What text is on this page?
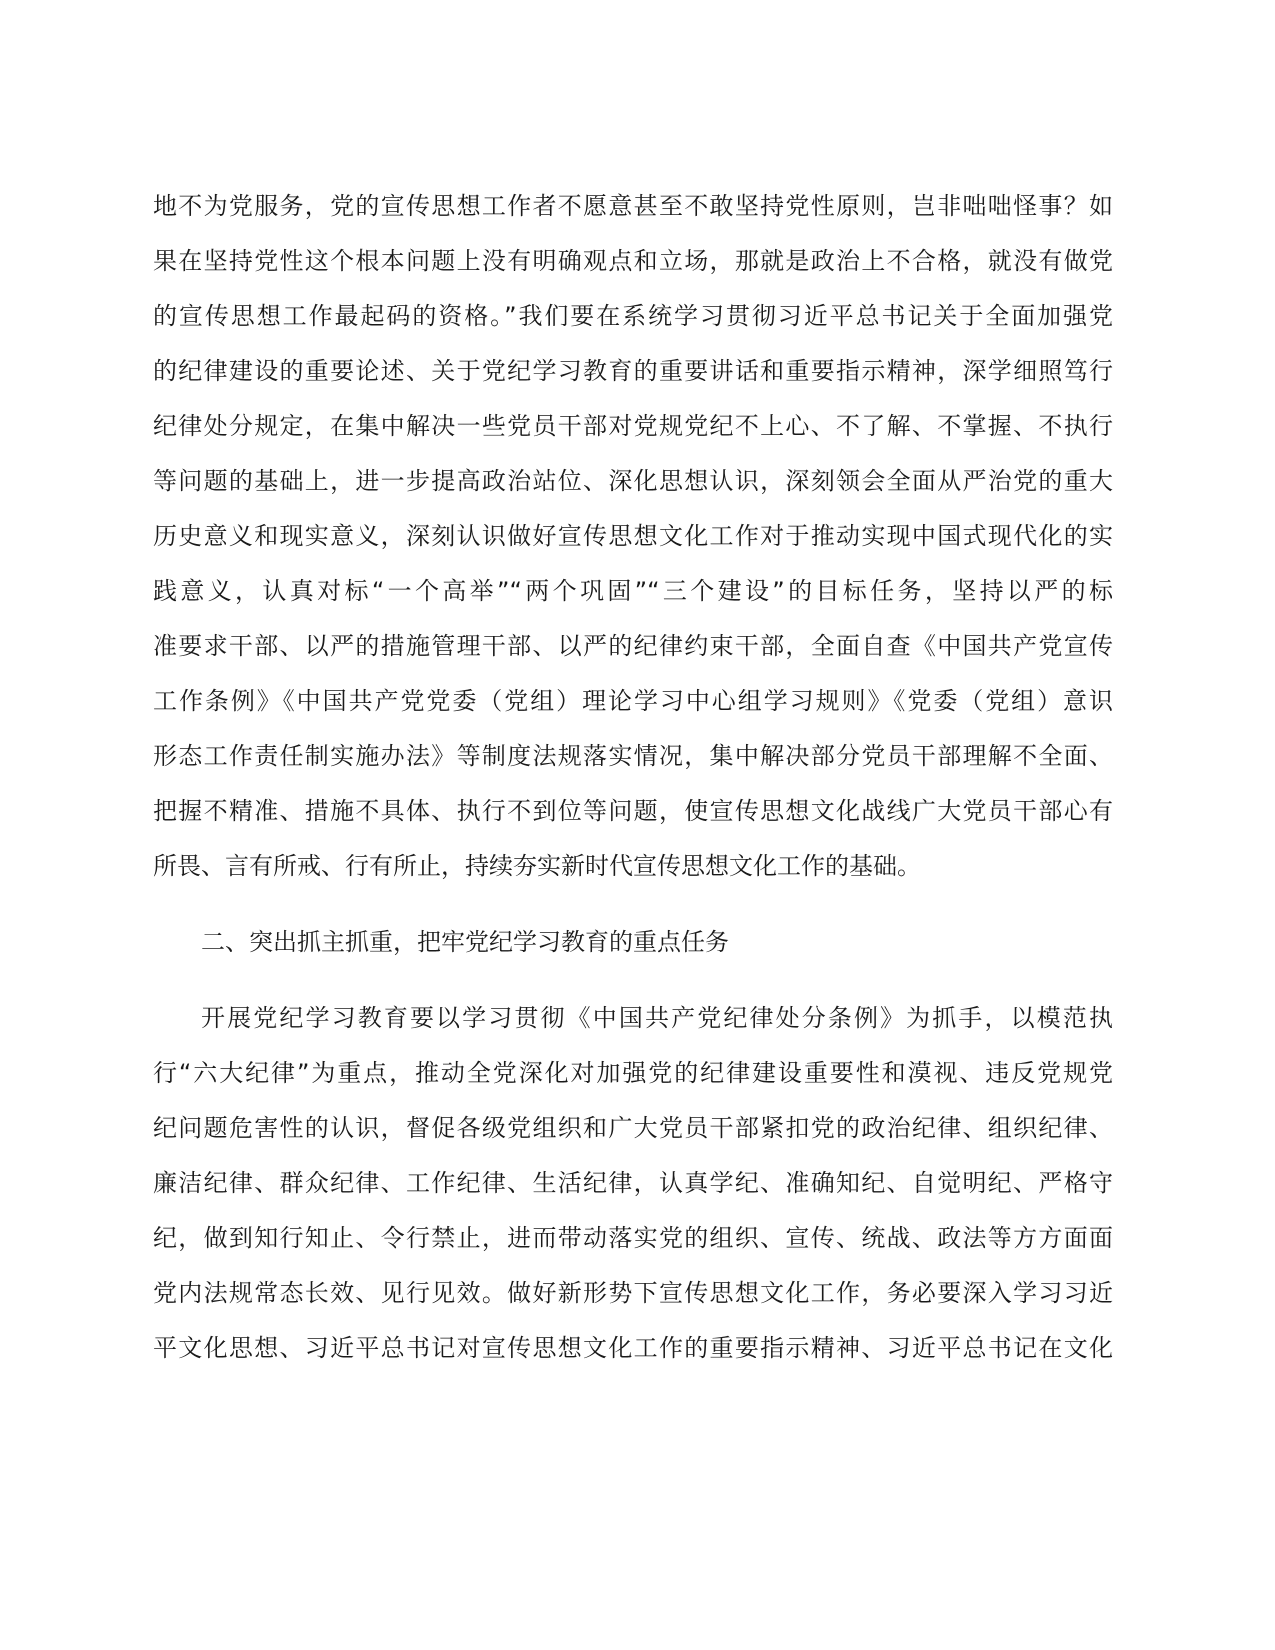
地不为党服务，党的宣传思想工作者不愿意甚至不敢坚持党性原则，岂非咄咄怪事？如
果在坚持党性这个根本问题上没有明确观点和立场，那就是政治上不合格，就没有做党
的宣传思想工作最起码的资格。”我们要在系统学习贯彻习近平总书记关于全面加强党
的纪律建设的重要论述、关于党纪学习教育的重要讲话和重要指示精神，深学细照笃行
纪律处分规定，在集中解决一些党员干部对党规党纪不上心、不了解、不掌握、不执行
等问题的基础上，进一步提高政治站位、深化思想认识，深刻领会全面从严治党的重大
历史意义和现实意义，深刻认识做好宣传思想文化工作对于推动实现中国式现代化的实
践意义，认真对标“一个高举”“两个巩固”“三个建设”的目标任务，坚持以严的标
准要求干部、以严的措施管理干部、以严的纪律约束干部，全面自查《中国共产党宣传
工作条例》《中国共产党党委（党组）理论学习中心组学习规则》《党委（党组）意识
形态工作责任制实施办法》等制度法规落实情况，集中解决部分党员干部理解不全面、
把握不精准、措施不具体、执行不到位等问题，使宣传思想文化战线广大党员干部心有
所畏、言有所戒、行有所止，持续夯实新时代宣传思想文化工作的基础。
二、突出抓主抓重，把牢党纪学习教育的重点任务
开展党纪学习教育要以学习贯彻《中国共产党纪律处分条例》为抓手，以模范执
行“六大纪律”为重点，推动全党深化对加强党的纪律建设重要性和漠视、违反党规党
纪问题危害性的认识，督促各级党组织和广大党员干部紧扣党的政治纪律、组织纪律、
廉洁纪律、群众纪律、工作纪律、生活纪律，认真学纪、准确知纪、自觉明纪、严格守
纪，做到知行知止、令行禁止，进而带动落实党的组织、宣传、统战、政法等方方面面
党内法规常态长效、见行见效。做好新形势下宣传思想文化工作，务必要深入学习习近
平文化思想、习近平总书记对宣传思想文化工作的重要指示精神、习近平总书记在文化
